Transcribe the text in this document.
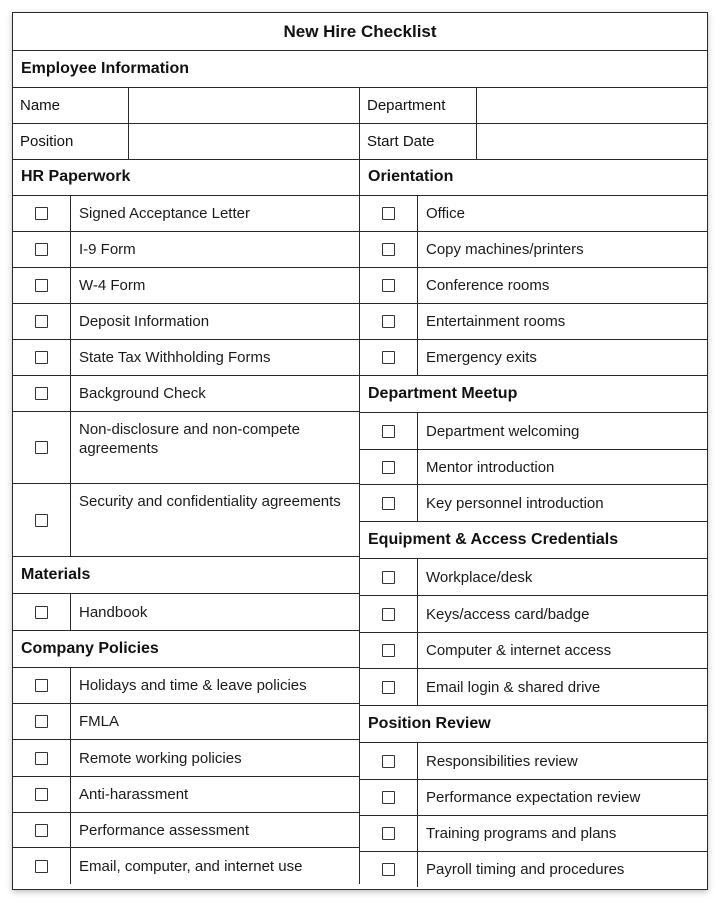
New Hire Checklist
Employee Information
Name	Department
Position	Start Date
HR Paperwork
Signed Acceptance Letter
I-9 Form
W-4 Form
Deposit Information
State Tax Withholding Forms
Background Check
Non-disclosure and non-compete agreements
Security and confidentiality agreements
Materials
Handbook
Company Policies
Holidays and time & leave policies
FMLA
Remote working policies
Anti-harassment
Performance assessment
Email, computer, and internet use
Orientation
Office
Copy machines/printers
Conference rooms
Entertainment rooms
Emergency exits
Department Meetup
Department welcoming
Mentor introduction
Key personnel introduction
Equipment & Access Credentials
Workplace/desk
Keys/access card/badge
Computer & internet access
Email login & shared drive
Position Review
Responsibilities review
Performance expectation review
Training programs and plans
Payroll timing and procedures
